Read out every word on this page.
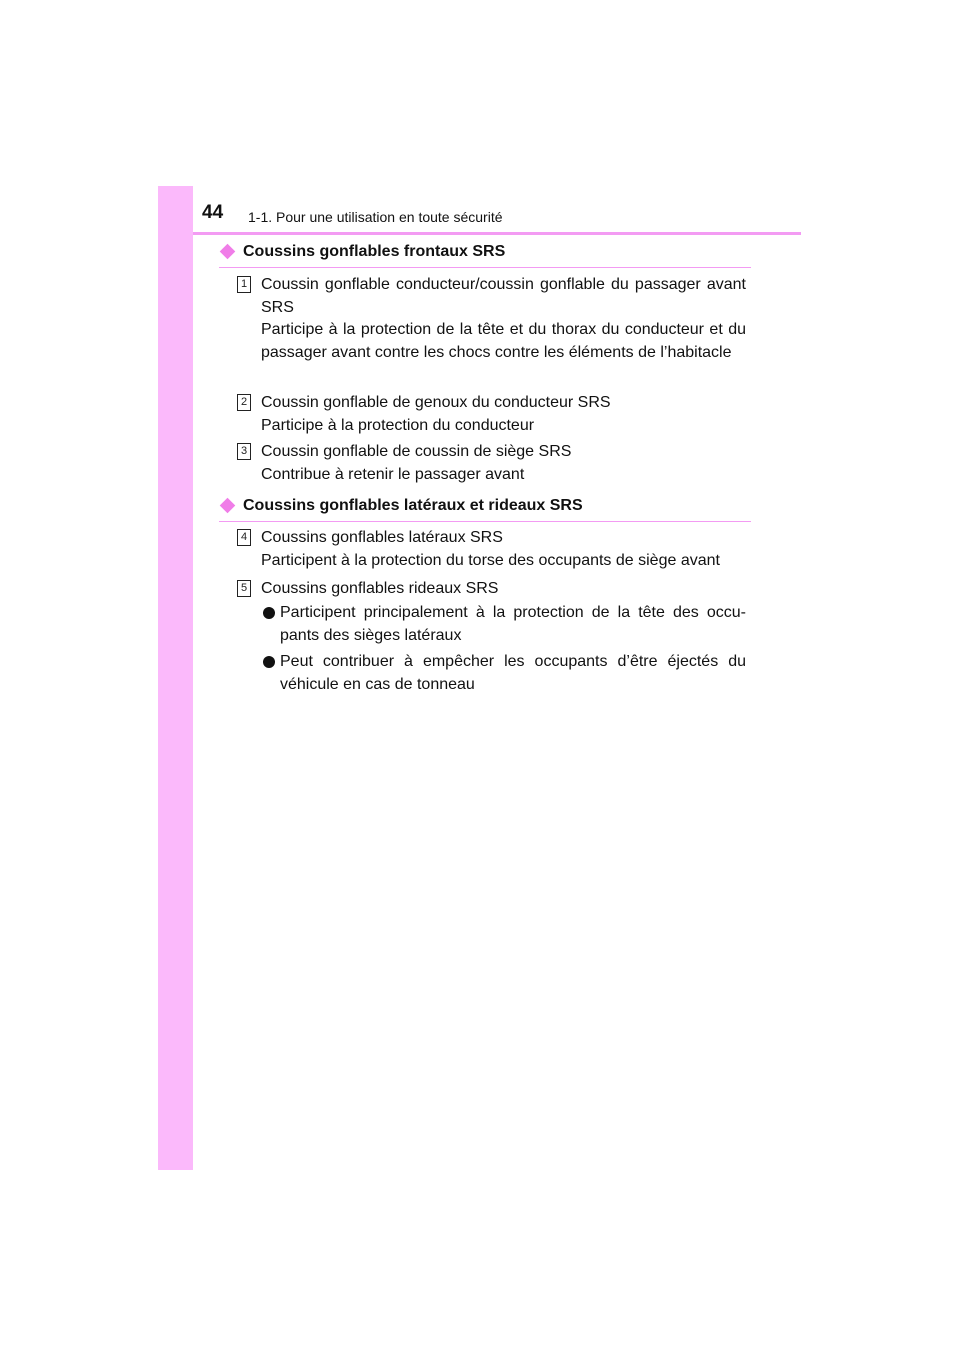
44 1-1. Pour une utilisation en toute sécurité
Coussins gonflables frontaux SRS
1 Coussin gonflable conducteur/coussin gonflable du passager avant SRS

Participe à la protection de la tête et du thorax du conducteur et du passager avant contre les chocs contre les éléments de l’habitacle

2 Coussin gonflable de genoux du conducteur SRS

Participe à la protection du conducteur

3 Coussin gonflable de coussin de siège SRS

Contribue à retenir le passager avant

Coussins gonflables latéraux et rideaux SRS
4 Coussins gonflables latéraux SRS

Participent à la protection du torse des occupants de siège avant

5 Coussins gonflables rideaux SRS

Participent principalement à la protection de la tête des occu-pants des sièges latéraux
Peut contribuer à empêcher les occupants d’être éjectés du véhicule en cas de tonneau
